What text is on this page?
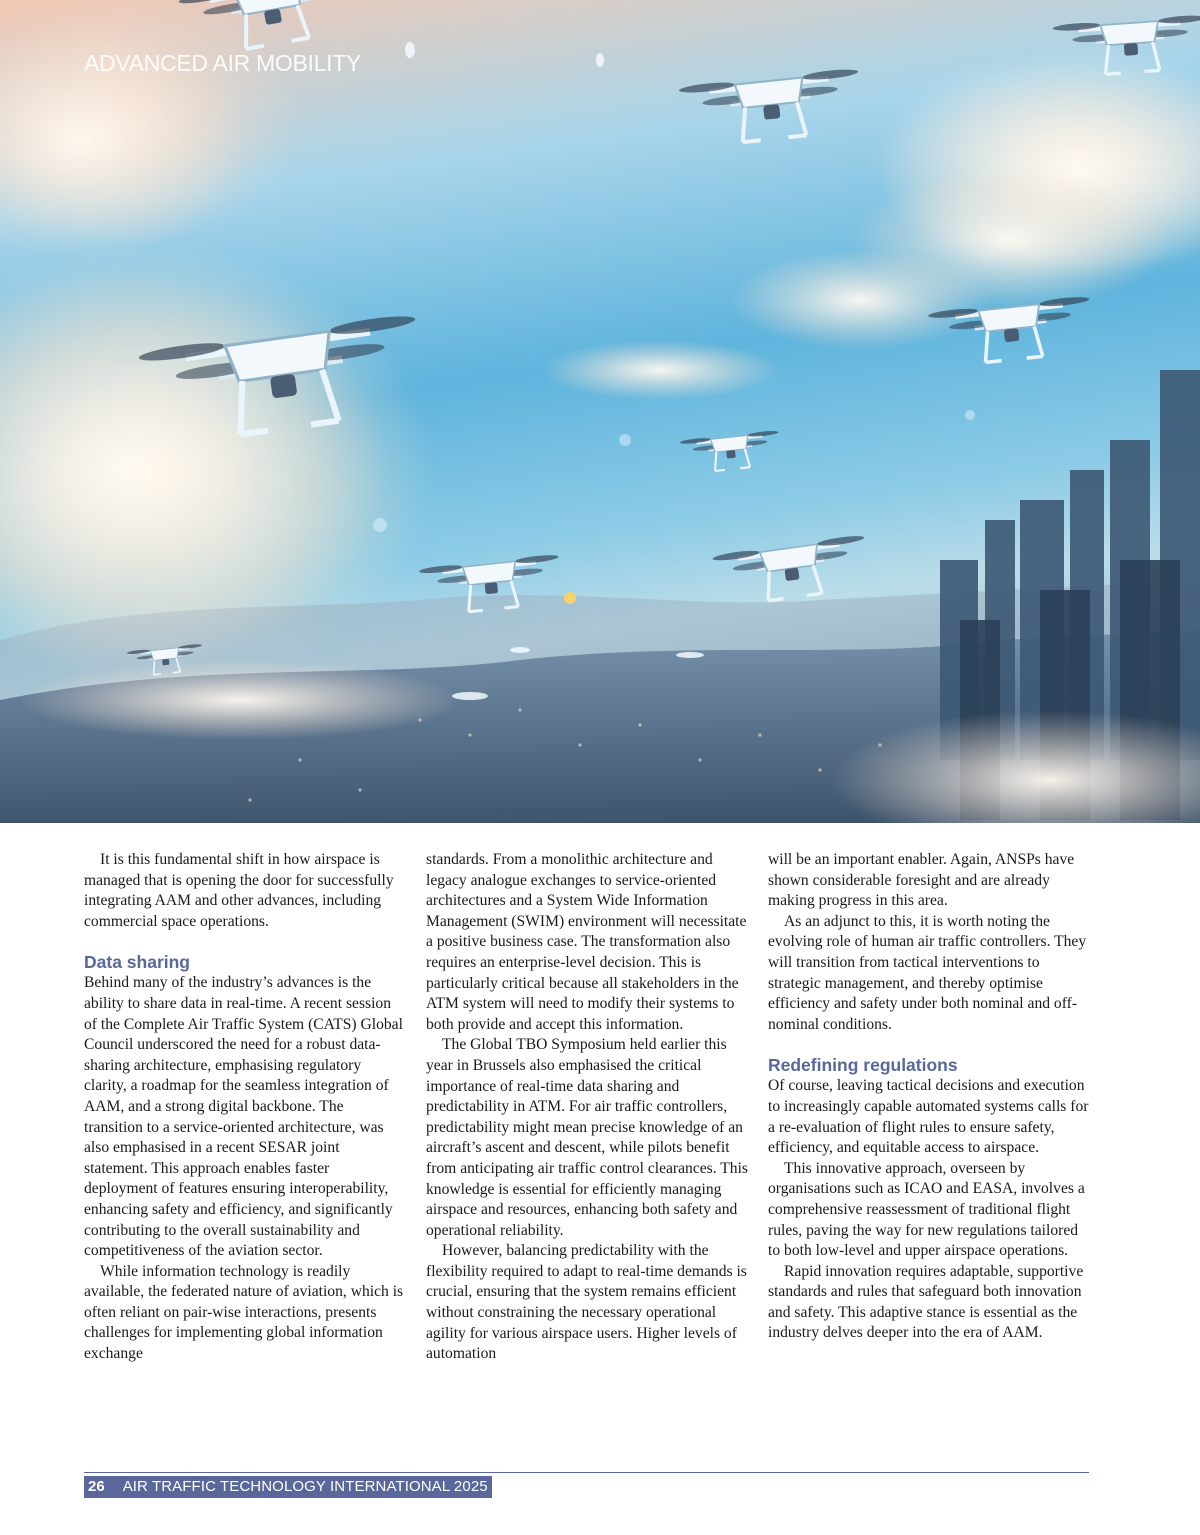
ADVANCED AIR MOBILITY

It is this fundamental shift in how airspace is managed that is opening the door for successfully integrating AAM and other advances, including commercial space operations.

Data sharing

Behind many of the industry’s advances is the ability to share data in real-time. A recent session of the Complete Air Traffic System (CATS) Global Council underscored the need for a robust data-sharing architecture, emphasising regulatory clarity, a roadmap for the seamless integration of AAM, and a strong digital backbone. The transition to a service-oriented architecture, was also emphasised in a recent SESAR joint statement. This approach enables faster deployment of features ensuring interoperability, enhancing safety and efficiency, and significantly contributing to the overall sustainability and competitiveness of the aviation sector.

While information technology is readily available, the federated nature of aviation, which is often reliant on pair-wise interactions, presents challenges for implementing global information exchange

standards. From a monolithic architecture and legacy analogue exchanges to service-oriented architectures and a System Wide Information Management (SWIM) environment will necessitate a positive business case. The transformation also requires an enterprise-level decision. This is particularly critical because all stakeholders in the ATM system will need to modify their systems to both provide and accept this information.

The Global TBO Symposium held earlier this year in Brussels also emphasised the critical importance of real-time data sharing and predictability in ATM. For air traffic controllers, predictability might mean precise knowledge of an aircraft’s ascent and descent, while pilots benefit from anticipating air traffic control clearances. This knowledge is essential for efficiently managing airspace and resources, enhancing both safety and operational reliability.

However, balancing predictability with the flexibility required to adapt to real-time demands is crucial, ensuring that the system remains efficient without constraining the necessary operational agility for various airspace users. Higher levels of automation

will be an important enabler. Again, ANSPs have shown considerable foresight and are already making progress in this area.

As an adjunct to this, it is worth noting the evolving role of human air traffic controllers. They will transition from tactical interventions to strategic management, and thereby optimise efficiency and safety under both nominal and off-nominal conditions.

Redefining regulations

Of course, leaving tactical decisions and execution to increasingly capable automated systems calls for a re-evaluation of flight rules to ensure safety, efficiency, and equitable access to airspace.

This innovative approach, overseen by organisations such as ICAO and EASA, involves a comprehensive reassessment of traditional flight rules, paving the way for new regulations tailored to both low-level and upper airspace operations.

Rapid innovation requires adaptable, supportive standards and rules that safeguard both innovation and safety. This adaptive stance is essential as the industry delves deeper into the era of AAM.

26 AIR TRAFFIC TECHNOLOGY INTERNATIONAL 2025
